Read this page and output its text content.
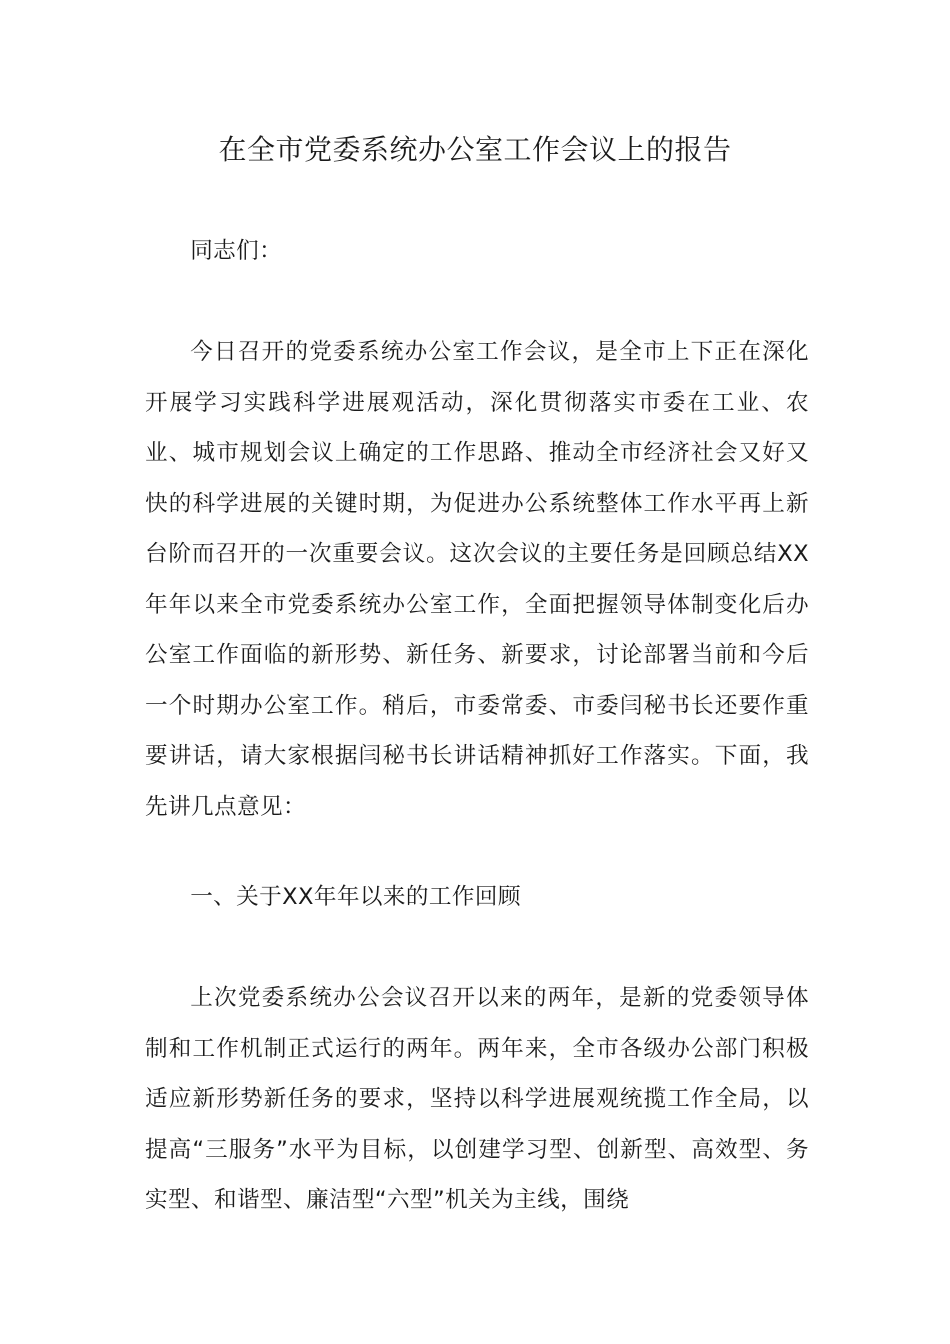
在全市党委系统办公室工作会议上的报告

同志们：

今日召开的党委系统办公室工作会议，是全市上下正在深化开展学习实践科学进展观活动，深化贯彻落实市委在工业、农业、城市规划会议上确定的工作思路、推动全市经济社会又好又快的科学进展的关键时期，为促进办公系统整体工作水平再上新台阶而召开的一次重要会议。这次会议的主要任务是回顾总结XX年年以来全市党委系统办公室工作，全面把握领导体制变化后办公室工作面临的新形势、新任务、新要求，讨论部署当前和今后一个时期办公室工作。稍后，市委常委、市委闫秘书长还要作重要讲话，请大家根据闫秘书长讲话精神抓好工作落实。下面，我先讲几点意见：

一、关于XX年年以来的工作回顾

上次党委系统办公会议召开以来的两年，是新的党委领导体制和工作机制正式运行的两年。两年来，全市各级办公部门积极适应新形势新任务的要求，坚持以科学进展观统揽工作全局，以提高“三服务”水平为目标，以创建学习型、创新型、高效型、务实型、和谐型、廉洁型“六型”机关为主线，围绕
